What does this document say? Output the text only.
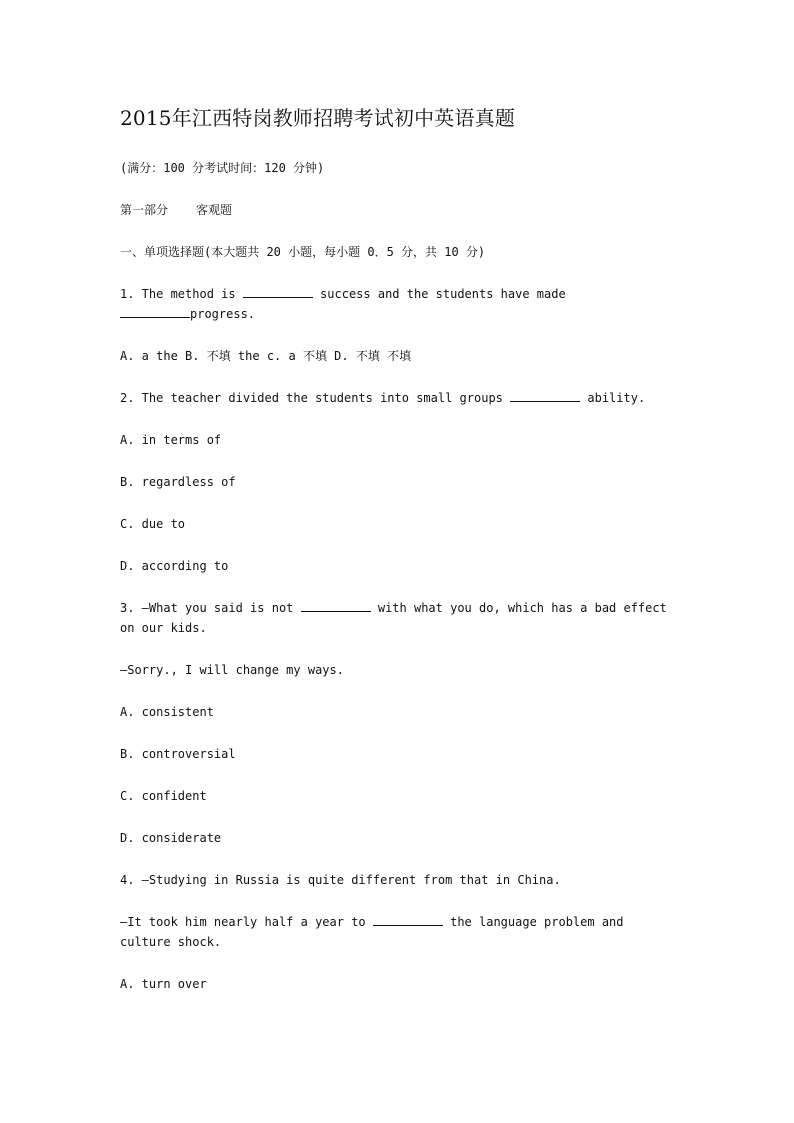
2015年江西特岗教师招聘考试初中英语真题

(满分：100 分考试时间：120 分钟)

第一部分 客观题

一、单项选择题(本大题共 20 小题，每小题 0．5 分，共 10 分)

1. The method is	success and the students have made
progress.

A. a the B. 不填 the c. a 不填 D. 不填 不填

2. The teacher divided the students into small groups	ability.

A. in terms of

B. regardless of

C. due to

D. according to

3. —What you said is not	with what you do, which has a bad effect on our kids.

—Sorry., I will change my ways.

A. consistent

B. controversial

C. confident

D. considerate

4. —Studying in Russia is quite different from that in China.

—It took him nearly half a year to	the language problem and culture shock.

A. turn over
